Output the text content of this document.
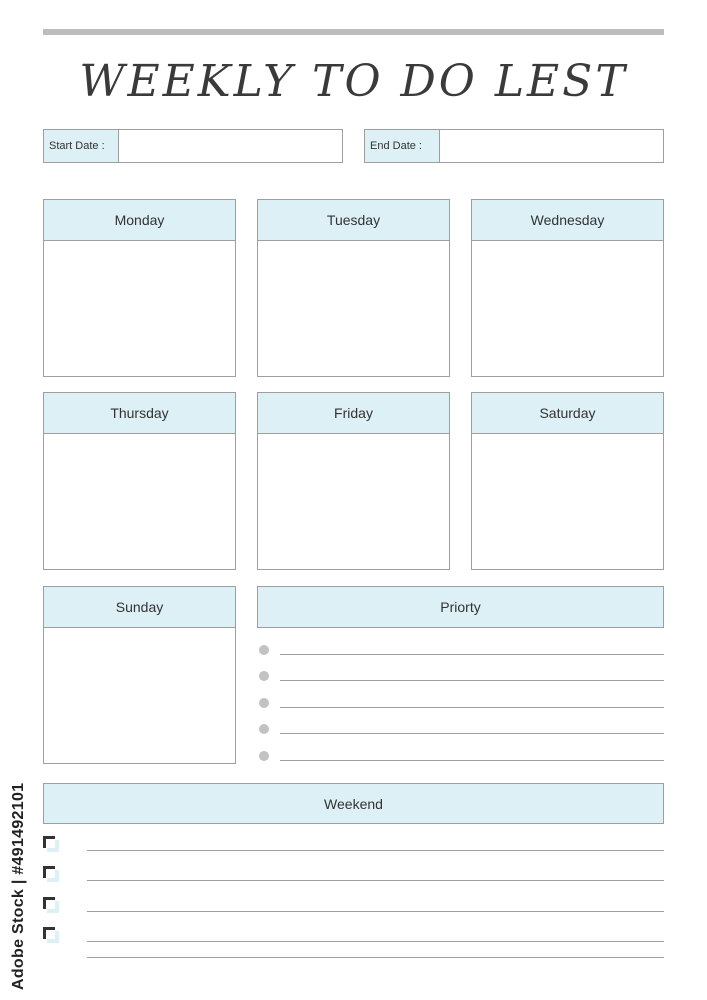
WEEKLY TO DO LEST
Start Date :	End Date :
Monday	Tuesday	Wednesday
Thursday	Friday	Saturday
Sunday	Priorty
Weekend
Adobe Stock | #491492101
